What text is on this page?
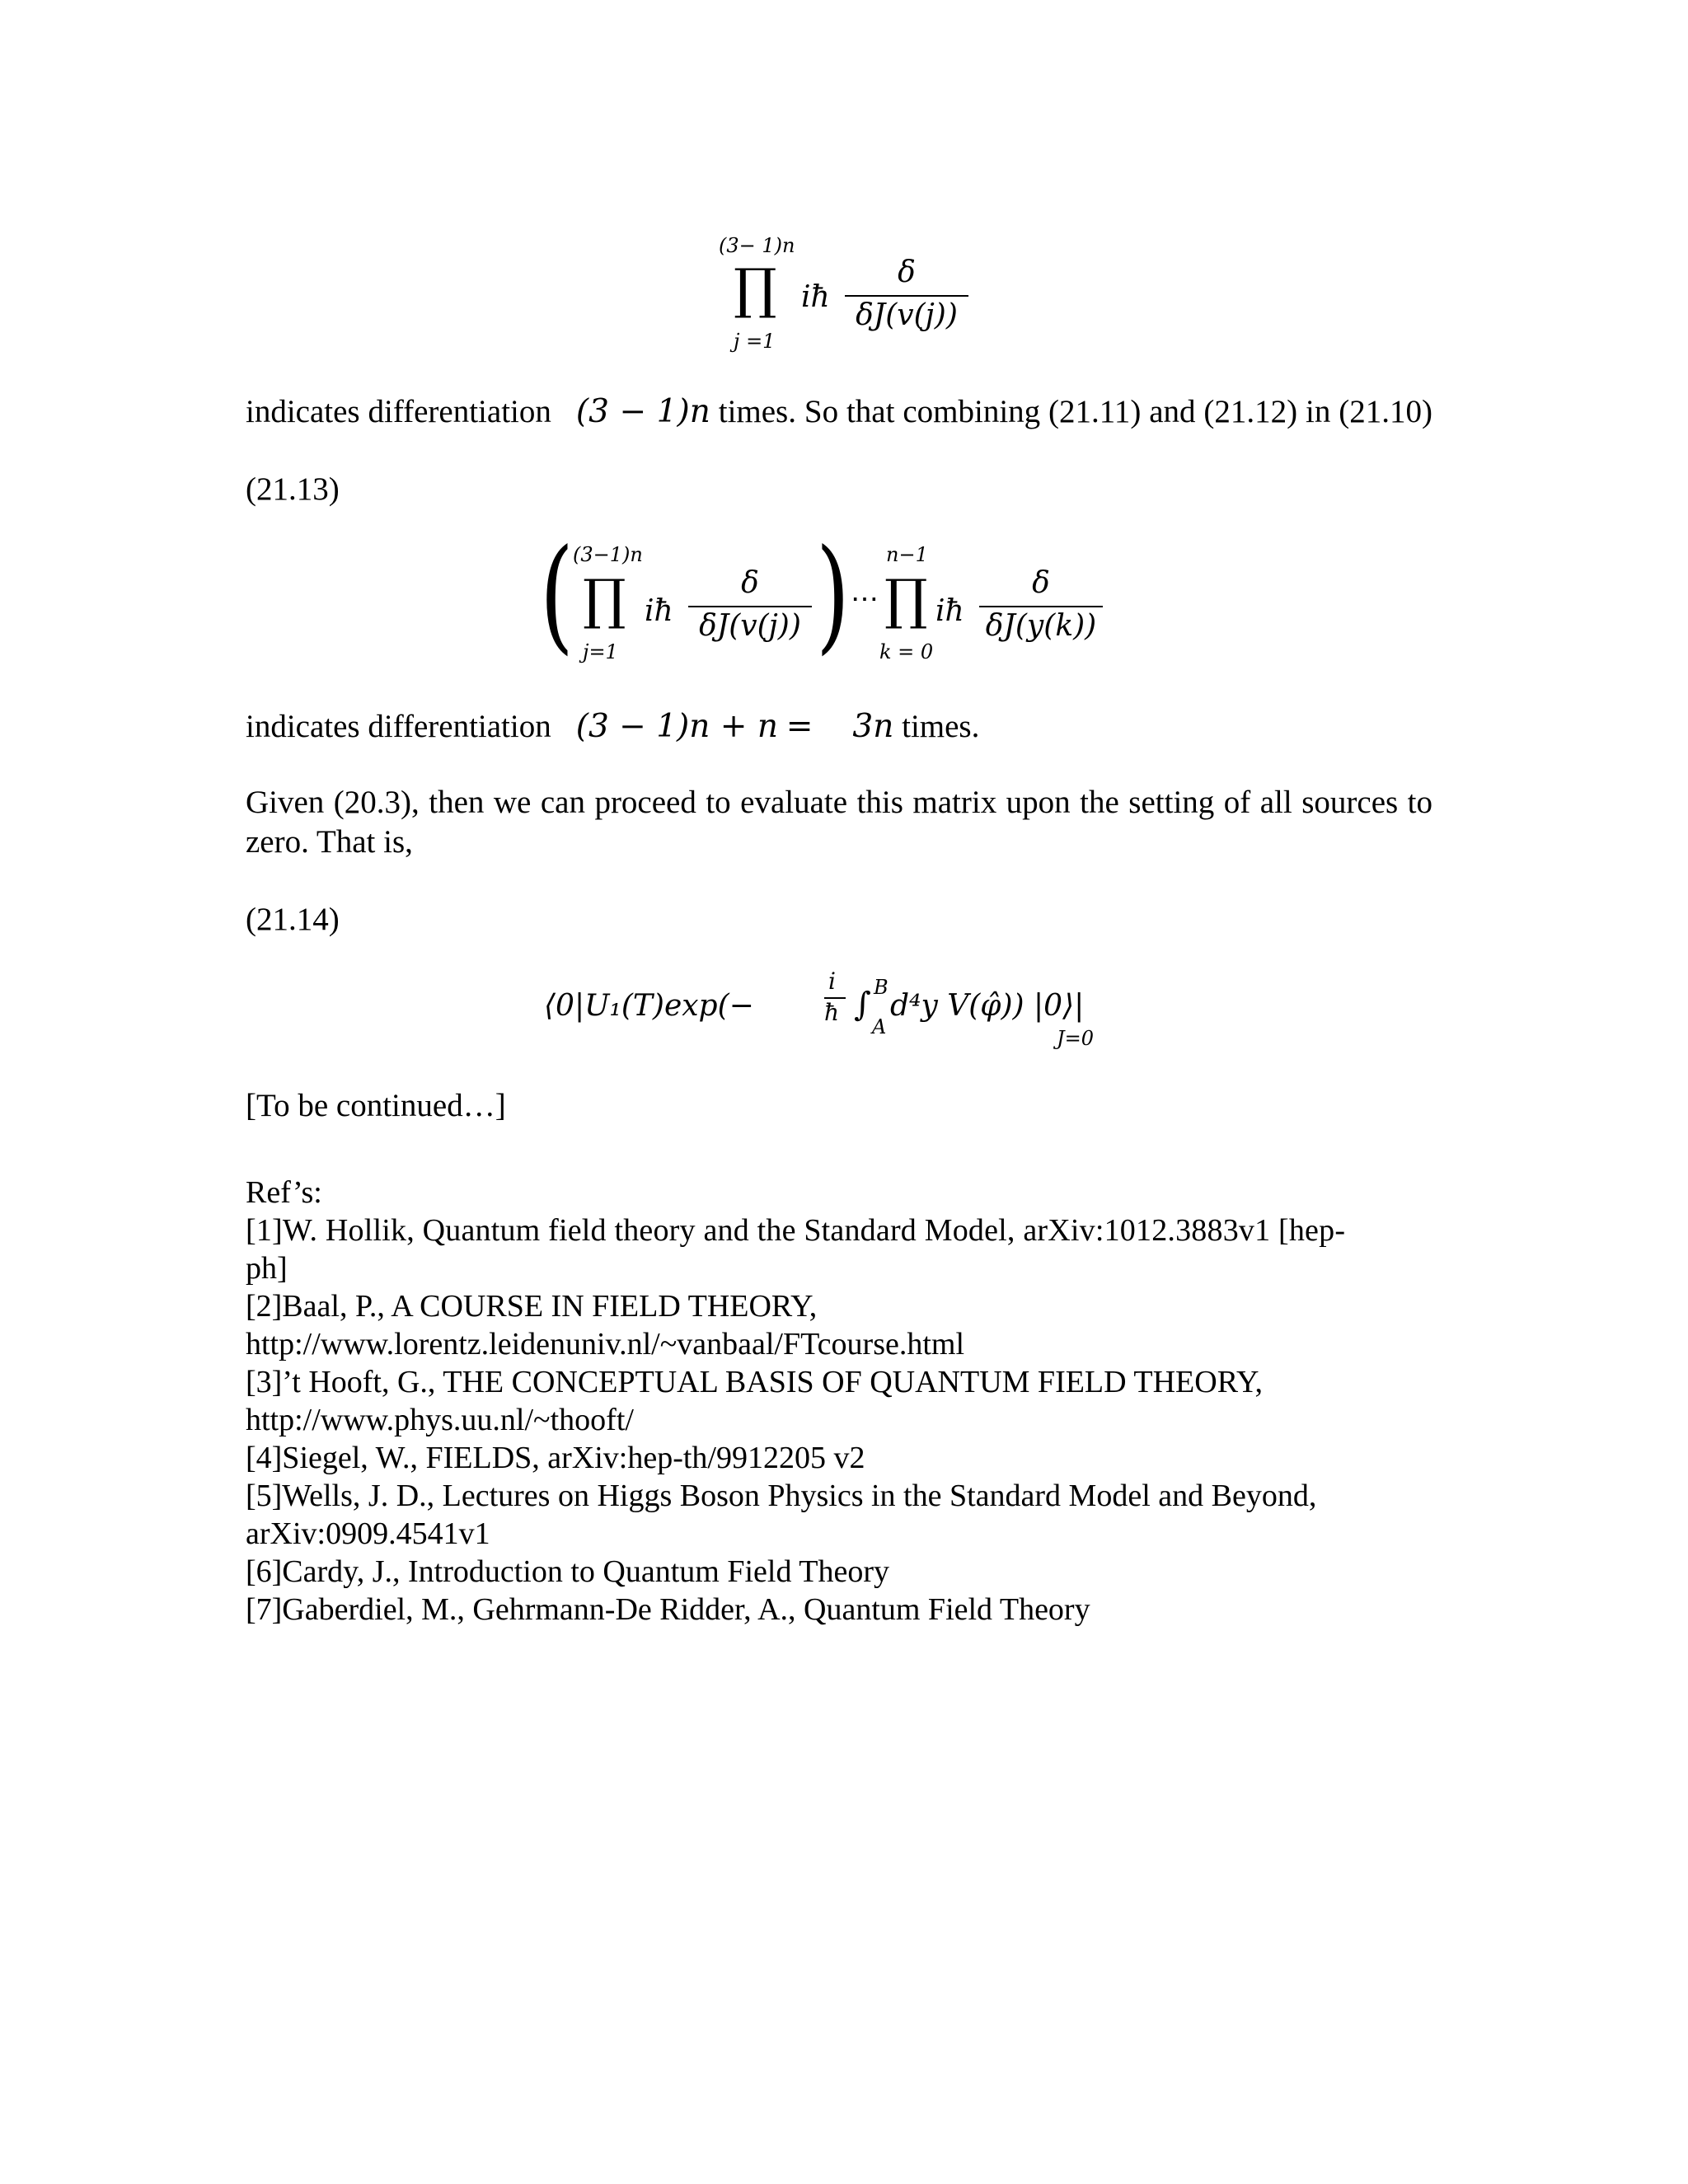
(3− 1)n
∏
j =1
iħ
δ
δJ(v(j))

indicates differentiation (3 − 1)n times. So that combining (21.11) and (21.12) in (21.10)

(21.13)

( (3−1)n
∏
j=1
iħ
δ
δJ(v(j)) ) ⋯
n−1
∏
k = 0
iħ
δ
δJ(y(k))

indicates differentiation (3 − 1)n + n = 3n times.

Given (20.3), then we can proceed to evaluate this matrix upon the setting of all sources to zero. That is,

(21.14)

⟨0|U₁(T)exp(−
i
ħ ∫ B
A
d⁴y V(φ̂)) |0⟩|
J=0

[To be continued…]

Ref’s:
[1]W. Hollik, Quantum field theory and the Standard Model, arXiv:1012.3883v1 [hep-
ph]
[2]Baal, P., A COURSE IN FIELD THEORY,
http://www.lorentz.leidenuniv.nl/~vanbaal/FTcourse.html
[3]’t Hooft, G., THE CONCEPTUAL BASIS OF QUANTUM FIELD THEORY,
http://www.phys.uu.nl/~thooft/
[4]Siegel, W., FIELDS, arXiv:hep-th/9912205 v2
[5]Wells, J. D., Lectures on Higgs Boson Physics in the Standard Model and Beyond,
arXiv:0909.4541v1
[6]Cardy, J., Introduction to Quantum Field Theory
[7]Gaberdiel, M., Gehrmann-De Ridder, A., Quantum Field Theory
